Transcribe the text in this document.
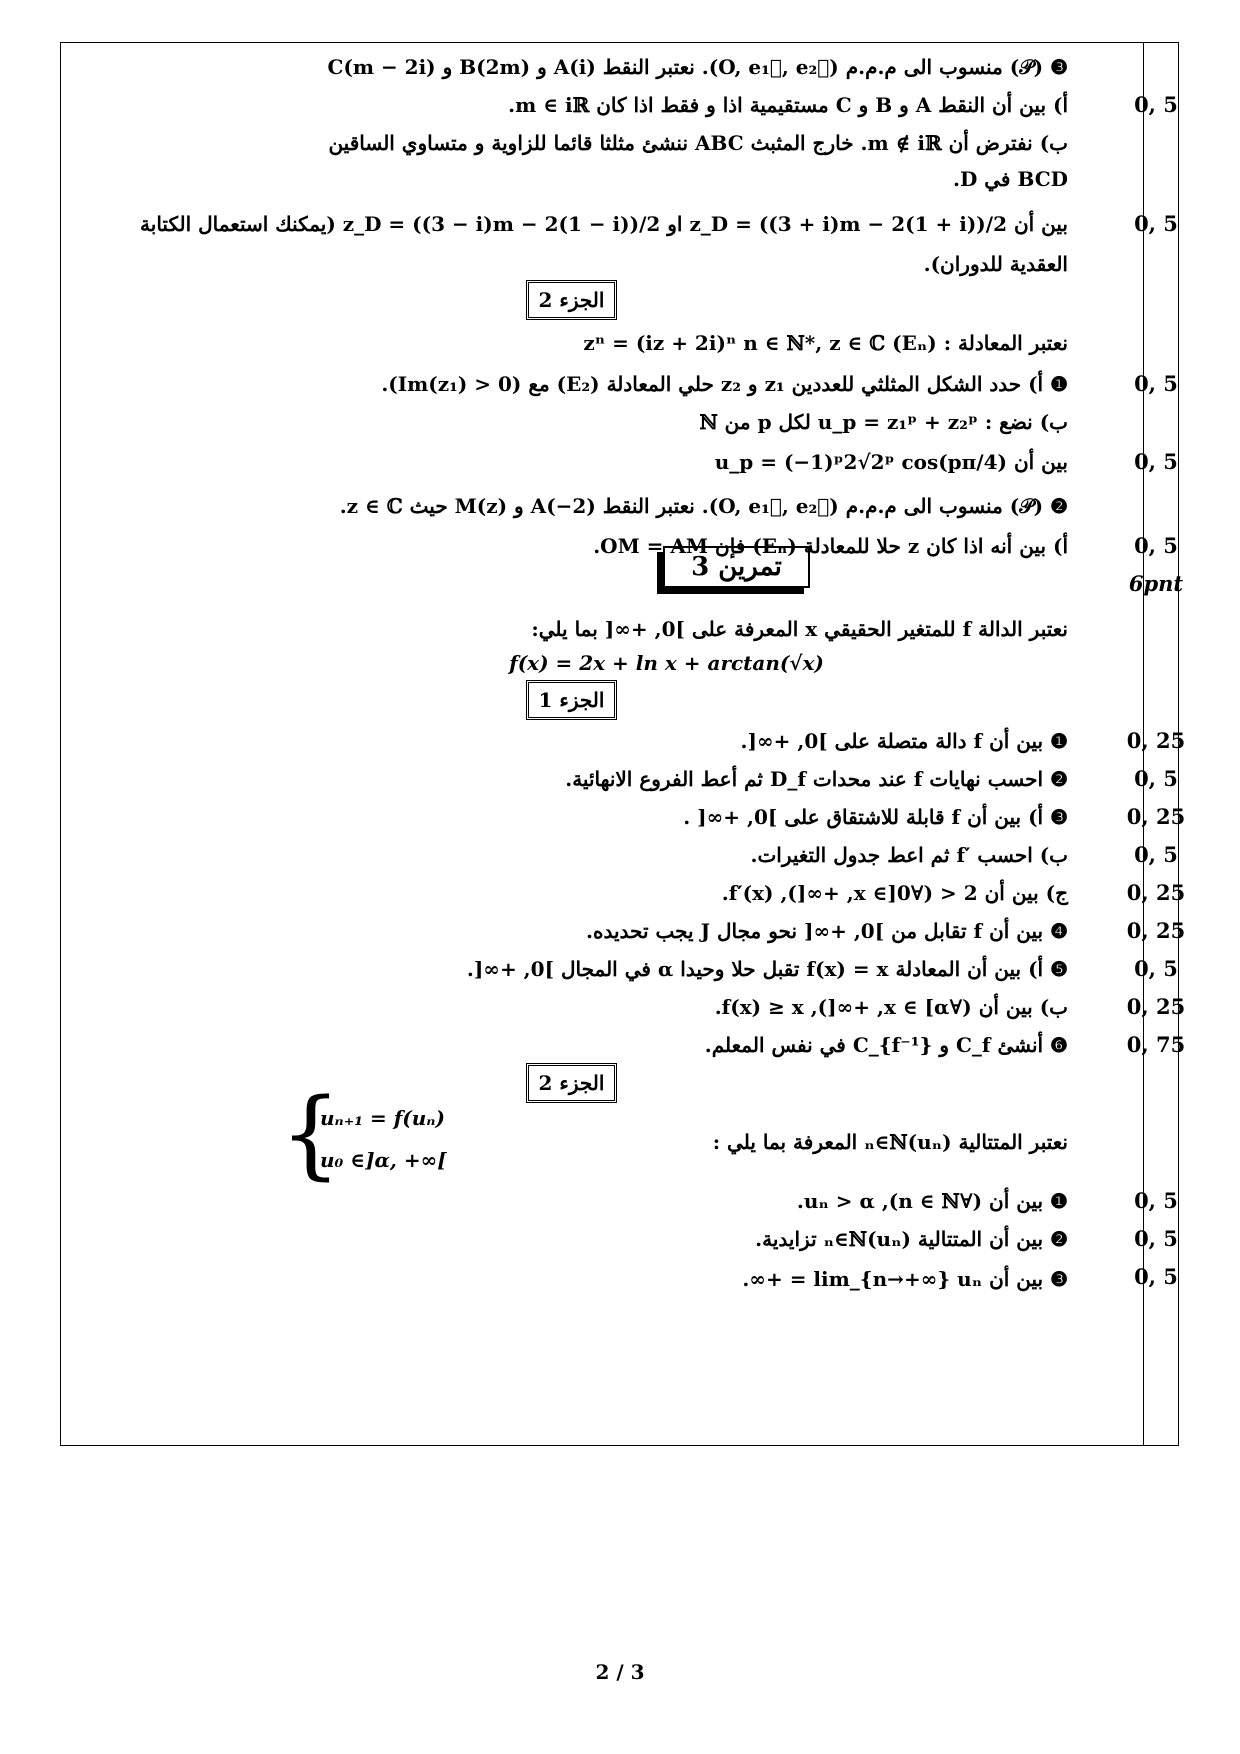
❸ (𝒫) منسوب الى م.م.م (O, e₁⃗, e₂⃗). نعتبر النقط A(i) و B(2m) و C(m − 2i)
أ) بين أن النقط A و B و C مستقيمية اذا و فقط اذا كان m ∈ iℝ.	0, 5
ب) نفترض أن m ∉ iℝ. خارج المثبث ABC ننشئ مثلثا قائما للزاوية و متساوي الساقين
BCD في D.
بين أن z_D = ((3 + i)m − 2(1 + i))/2 او z_D = ((3 − i)m − 2(1 − i))/2 (يمكنك استعمال الكتابة	0, 5
العقدية للدوران).
الجزء 2
نعتبر المعادلة : (Eₙ) zⁿ = (iz + 2i)ⁿ n ∈ ℕ*, z ∈ ℂ
❶ أ) حدد الشكل المثلثي للعددين z₁ و z₂ حلي المعادلة (E₂) مع (Im(z₁) > 0).	0, 5
ب) نضع : u_p = z₁ᵖ + z₂ᵖ لكل p من ℕ
بين أن u_p = (−1)ᵖ2√2ᵖ cos(pπ/4)	0, 5
❷ (𝒫) منسوب الى م.م.م (O, e₁⃗, e₂⃗). نعتبر النقط A(−2) و M(z) حيث z ∈ ℂ.
أ) بين أنه اذا كان z حلا للمعادلة (Eₙ) فإن OM = AM.	0, 5
تمرين 3
6pnt
نعتبر الدالة f للمتغير الحقيقي x المعرفة على ]0, +∞[ بما يلي:
f(x) = 2x + ln x + arctan(√x)
الجزء 1
❶ بين أن f دالة متصلة على ]0, +∞[.	0, 25
❷ احسب نهايات f عند محدات D_f ثم أعط الفروع الانهائية.	0, 5
❸ أ) بين أن f قابلة للاشتقاق على ]0, +∞[ .	0, 25
ب) احسب ′f ثم اعط جدول التغيرات.	0, 5
ج) بين أن 2 < (∀x ∈]0, +∞[), f′(x).	0, 25
❹ بين أن f تقابل من ]0, +∞[ نحو مجال J يجب تحديده.	0, 25
❺ أ) بين أن المعادلة f(x) = x تقبل حلا وحيدا α في المجال ]0, +∞[.	0, 5
ب) بين أن (∀x ∈ [α, +∞[), f(x) ≥ x.	0, 25
❻ أنشئ C_f و C_{f⁻¹} في نفس المعلم.	0, 75
الجزء 2
نعتبر المتتالية (uₙ)ₙ∈ℕ المعرفة بما يلي :
❶ بين أن (∀n ∈ ℕ), uₙ > α.	0, 5
❷ بين أن المتتالية (uₙ)ₙ∈ℕ تزايدية.	0, 5
❸ بين أن lim_{n→+∞} uₙ = +∞.	0, 5
{
uₙ₊₁ = f(uₙ)
u₀ ∈]α, +∞[
2 / 3
